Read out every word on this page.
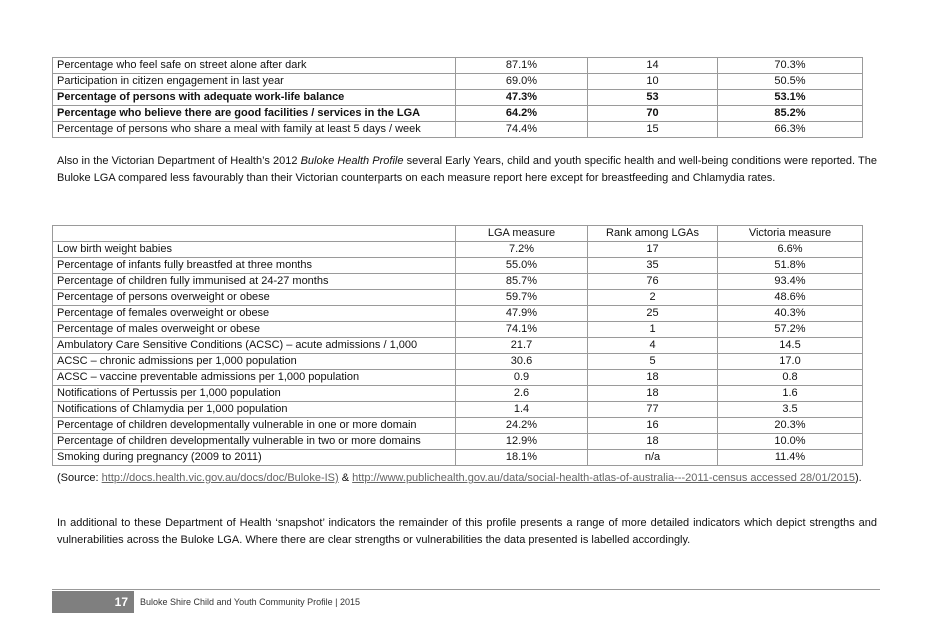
Percentage who feel safe on street alone after dark	87.1%	14	70.3%
Participation in citizen engagement in last year	69.0%	10	50.5%
Percentage of persons with adequate work-life balance	47.3%	53	53.1%
Percentage who believe there are good facilities / services in the LGA	64.2%	70	85.2%
Percentage of persons who share a meal with family at least 5 days / week	74.4%	15	66.3%

Also in the Victorian Department of Health’s 2012 Buloke Health Profile several Early Years, child and youth specific health and well-being conditions were reported. The Buloke LGA compared less favourably than their Victorian counterparts on each measure report here except for breastfeeding and Chlamydia rates.

	LGA measure	Rank among LGAs	Victoria measure
Low birth weight babies	7.2%	17	6.6%
Percentage of infants fully breastfed at three months	55.0%	35	51.8%
Percentage of children fully immunised at 24-27 months	85.7%	76	93.4%
Percentage of persons overweight or obese	59.7%	2	48.6%
Percentage of females overweight or obese	47.9%	25	40.3%
Percentage of males overweight or obese	74.1%	1	57.2%
Ambulatory Care Sensitive Conditions (ACSC) – acute admissions / 1,000	21.7	4	14.5
ACSC – chronic admissions per 1,000 population	30.6	5	17.0
ACSC – vaccine preventable admissions per 1,000 population	0.9	18	0.8
Notifications of Pertussis per 1,000 population	2.6	18	1.6
Notifications of Chlamydia per 1,000 population	1.4	77	3.5
Percentage of children developmentally vulnerable in one or more domain	24.2%	16	20.3%
Percentage of children developmentally vulnerable in two or more domains	12.9%	18	10.0%
Smoking during pregnancy (2009 to 2011)	18.1%	n/a	11.4%

(Source: http://docs.health.vic.gov.au/docs/doc/Buloke-IS) & http://www.publichealth.gov.au/data/social-health-atlas-of-australia---2011-census accessed 28/01/2015).

In additional to these Department of Health ‘snapshot’ indicators the remainder of this profile presents a range of more detailed indicators which depict strengths and vulnerabilities across the Buloke LGA. Where there are clear strengths or vulnerabilities the data presented is labelled accordingly.

17	Buloke Shire Child and Youth Community Profile | 2015
